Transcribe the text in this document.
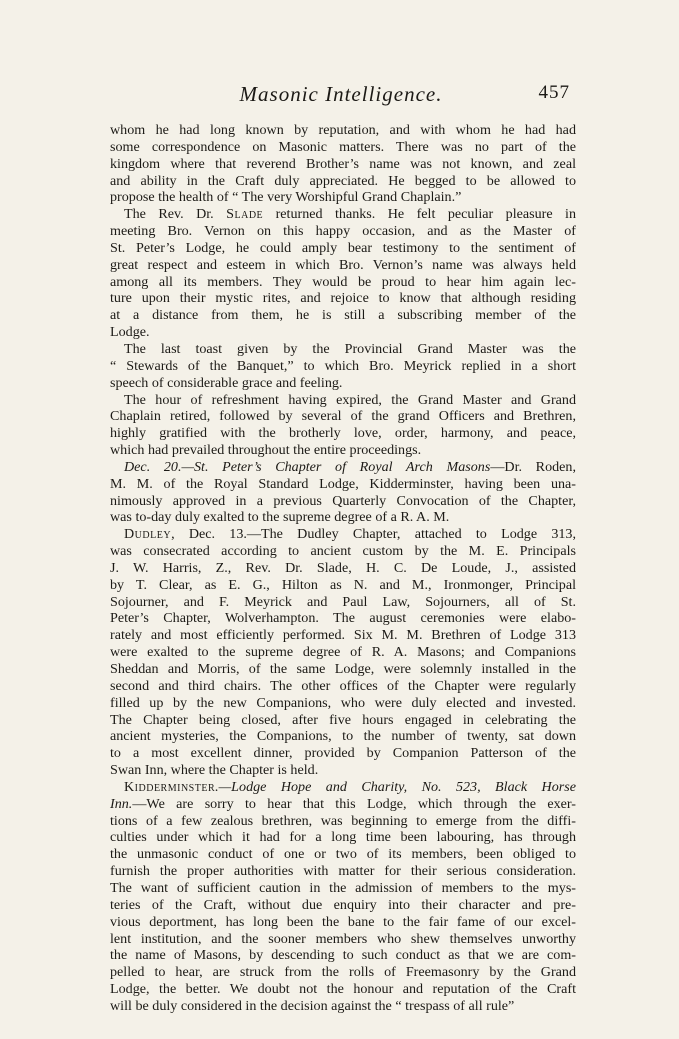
Masonic Intelligence.	457

whom he had long known by reputation, and with whom he had had

some correspondence on Masonic matters. There was no part of the

kingdom where that reverend Brother’s name was not known, and zeal

and ability in the Craft duly appreciated. He begged to be allowed to

propose the health of “ The very Worshipful Grand Chaplain.”

The Rev. Dr. Slade returned thanks. He felt peculiar pleasure in

meeting Bro. Vernon on this happy occasion, and as the Master of

St. Peter’s Lodge, he could amply bear testimony to the sentiment of

great respect and esteem in which Bro. Vernon’s name was always held

among all its members. They would be proud to hear him again lec-

ture upon their mystic rites, and rejoice to know that although residing

at a distance from them, he is still a subscribing member of the

Lodge.

The last toast given by the Provincial Grand Master was the

“ Stewards of the Banquet,” to which Bro. Meyrick replied in a short

speech of considerable grace and feeling.

The hour of refreshment having expired, the Grand Master and Grand

Chaplain retired, followed by several of the grand Officers and Brethren,

highly gratified with the brotherly love, order, harmony, and peace,

which had prevailed throughout the entire proceedings.

Dec. 20.—St. Peter’s Chapter of Royal Arch Masons—Dr. Roden,

M. M. of the Royal Standard Lodge, Kidderminster, having been una-

nimously approved in a previous Quarterly Convocation of the Chapter,

was to-day duly exalted to the supreme degree of a R. A. M.

Dudley, Dec. 13.—The Dudley Chapter, attached to Lodge 313,

was consecrated according to ancient custom by the M. E. Principals

J. W. Harris, Z., Rev. Dr. Slade, H. C. De Loude, J., assisted

by T. Clear, as E. G., Hilton as N. and M., Ironmonger, Principal

Sojourner, and F. Meyrick and Paul Law, Sojourners, all of St.

Peter’s Chapter, Wolverhampton. The august ceremonies were elabo-

rately and most efficiently performed. Six M. M. Brethren of Lodge 313

were exalted to the supreme degree of R. A. Masons; and Companions

Sheddan and Morris, of the same Lodge, were solemnly installed in the

second and third chairs. The other offices of the Chapter were regularly

filled up by the new Companions, who were duly elected and invested.

The Chapter being closed, after five hours engaged in celebrating the

ancient mysteries, the Companions, to the number of twenty, sat down

to a most excellent dinner, provided by Companion Patterson of the

Swan Inn, where the Chapter is held.

Kidderminster.—Lodge Hope and Charity, No. 523, Black Horse

Inn.—We are sorry to hear that this Lodge, which through the exer-

tions of a few zealous brethren, was beginning to emerge from the diffi-

culties under which it had for a long time been labouring, has through

the unmasonic conduct of one or two of its members, been obliged to

furnish the proper authorities with matter for their serious consideration.

The want of sufficient caution in the admission of members to the mys-

teries of the Craft, without due enquiry into their character and pre-

vious deportment, has long been the bane to the fair fame of our excel-

lent institution, and the sooner members who shew themselves unworthy

the name of Masons, by descending to such conduct as that we are com-

pelled to hear, are struck from the rolls of Freemasonry by the Grand

Lodge, the better. We doubt not the honour and reputation of the Craft

will be duly considered in the decision against the “ trespass of all rule”
